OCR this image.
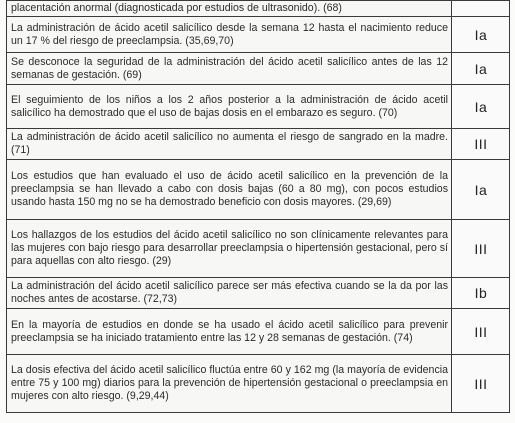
placentación anormal (diagnosticada por estudios de ultrasonido). (68)	
La administración de ácido acetil salicílico desde la semana 12 hasta el nacimiento reduce un 17 % del riesgo de preeclampsia. (35,69,70)	Ia
Se desconoce la seguridad de la administración del ácido acetil salicílico antes de las 12 semanas de gestación. (69)	Ia
El seguimiento de los niños a los 2 años posterior a la administración de ácido acetil salicílico ha demostrado que el uso de bajas dosis en el embarazo es seguro. (70)	Ia
La administración de ácido acetil salicílico no aumenta el riesgo de sangrado en la madre. (71)	III
Los estudios que han evaluado el uso de ácido acetil salicílico en la prevención de la preeclampsia se han llevado a cabo con dosis bajas (60 a 80 mg), con pocos estudios usando hasta 150 mg no se ha demostrado beneficio con dosis mayores. (29,69)	Ia
Los hallazgos de los estudios del ácido acetil salicílico no son clínicamente relevantes para las mujeres con bajo riesgo para desarrollar preeclampsia o hipertensión gestacional, pero sí para aquellas con alto riesgo. (29)	III
La administración del ácido acetil salicílico parece ser más efectiva cuando se la da por las noches antes de acostarse. (72,73)	Ib
En la mayoría de estudios en donde se ha usado el ácido acetil salicílico para prevenir preeclampsia se ha iniciado tratamiento entre las 12 y 28 semanas de gestación. (74)	III
La dosis efectiva del ácido acetil salicílico fluctúa entre 60 y 162 mg (la mayoría de evidencia entre 75 y 100 mg) diarios para la prevención de hipertensión gestacional o preeclampsia en mujeres con alto riesgo. (9,29,44)	III
